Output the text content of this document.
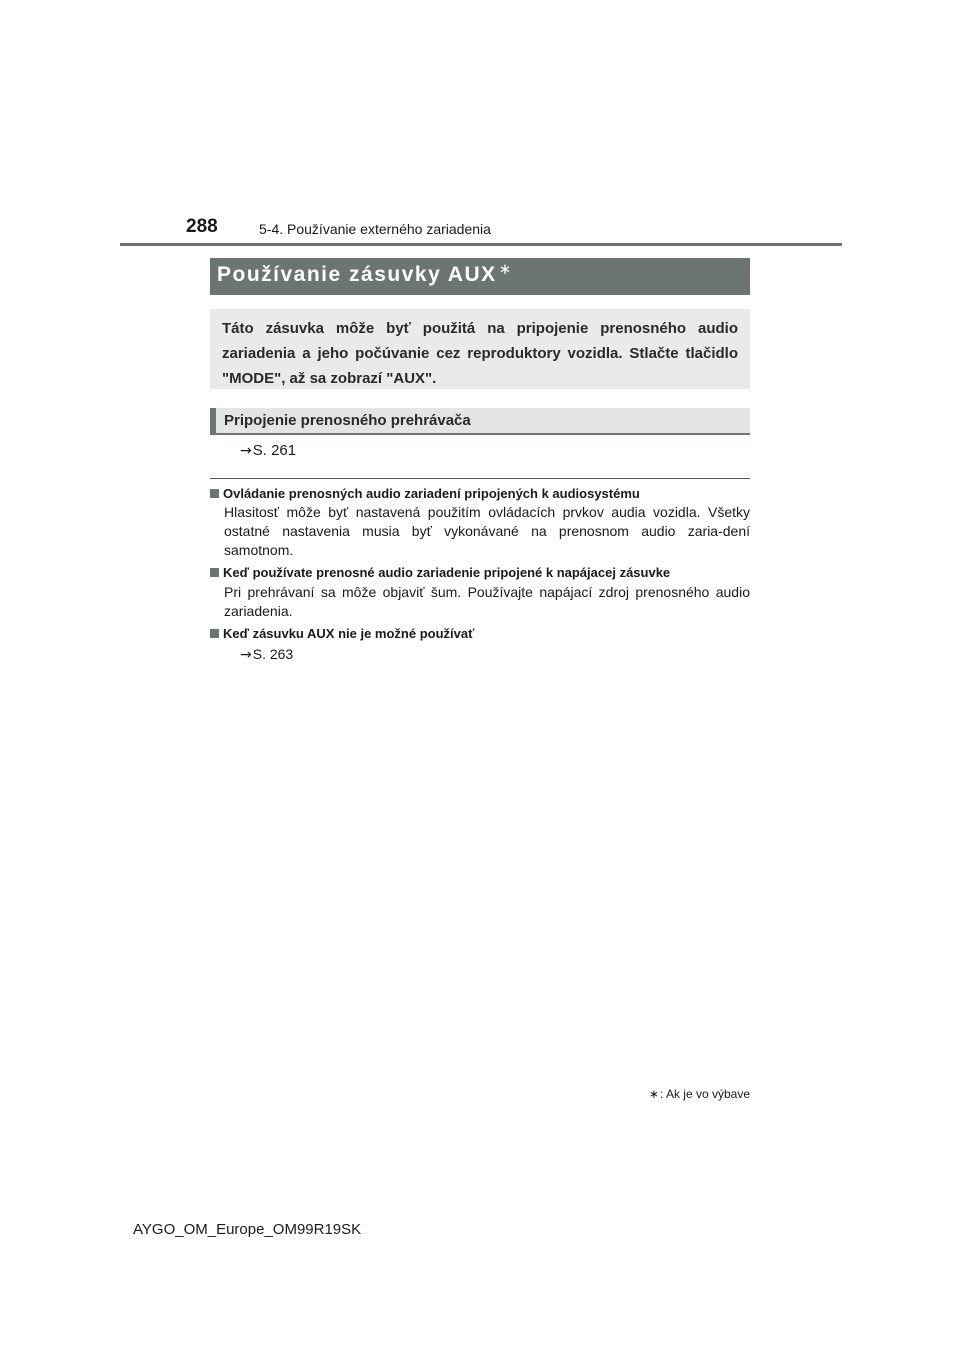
288	5-4. Používanie externého zariadenia
Používanie zásuvky AUX ∗
Táto zásuvka môže byť použitá na pripojenie prenosného audio zariadenia a jeho počúvanie cez reproduktory vozidla. Stlačte tlačidlo "MODE", až sa zobrazí "AUX".
Pripojenie prenosného prehrávača
→S. 261
Ovládanie prenosných audio zariadení pripojených k audiosystému
Hlasitosť môže byť nastavená použitím ovládacích prvkov audia vozidla. Všetky ostatné nastavenia musia byť vykonávané na prenosnom audio zaria-dení samotnom.
Keď používate prenosné audio zariadenie pripojené k napájacej zásuvke
Pri prehrávaní sa môže objaviť šum. Používajte napájací zdroj prenosného audio zariadenia.
Keď zásuvku AUX nie je možné používať
→S. 263
∗: Ak je vo výbave
AYGO_OM_Europe_OM99R19SK
